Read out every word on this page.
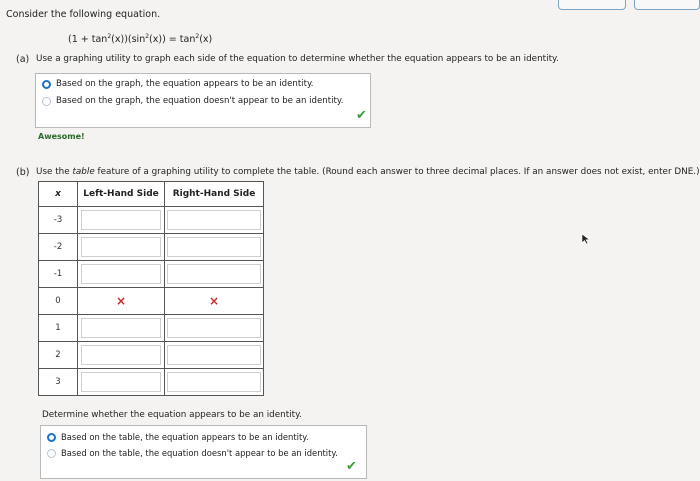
Consider the following equation.
$(1 + \tan^2(x))(\sin^2(x)) = \tan^2(x)$
(a) Use a graphing utility to graph each side of the equation to determine whether the equation appears to be an identity.
Based on the graph, the equation appears to be an identity.
Based on the graph, the equation doesn't appear to be an identity.
✔
Awesome!
(b) Use the table feature of a graphing utility to complete the table. (Round each answer to three decimal places. If an answer does not exist, enter DNE.)
x	Left-Hand Side	Right-Hand Side
-3	

-2	

-1	

0	×	×
1	

2	

3	

Determine whether the equation appears to be an identity.
Based on the table, the equation appears to be an identity.
Based on the table, the equation doesn't appear to be an identity.
✔
